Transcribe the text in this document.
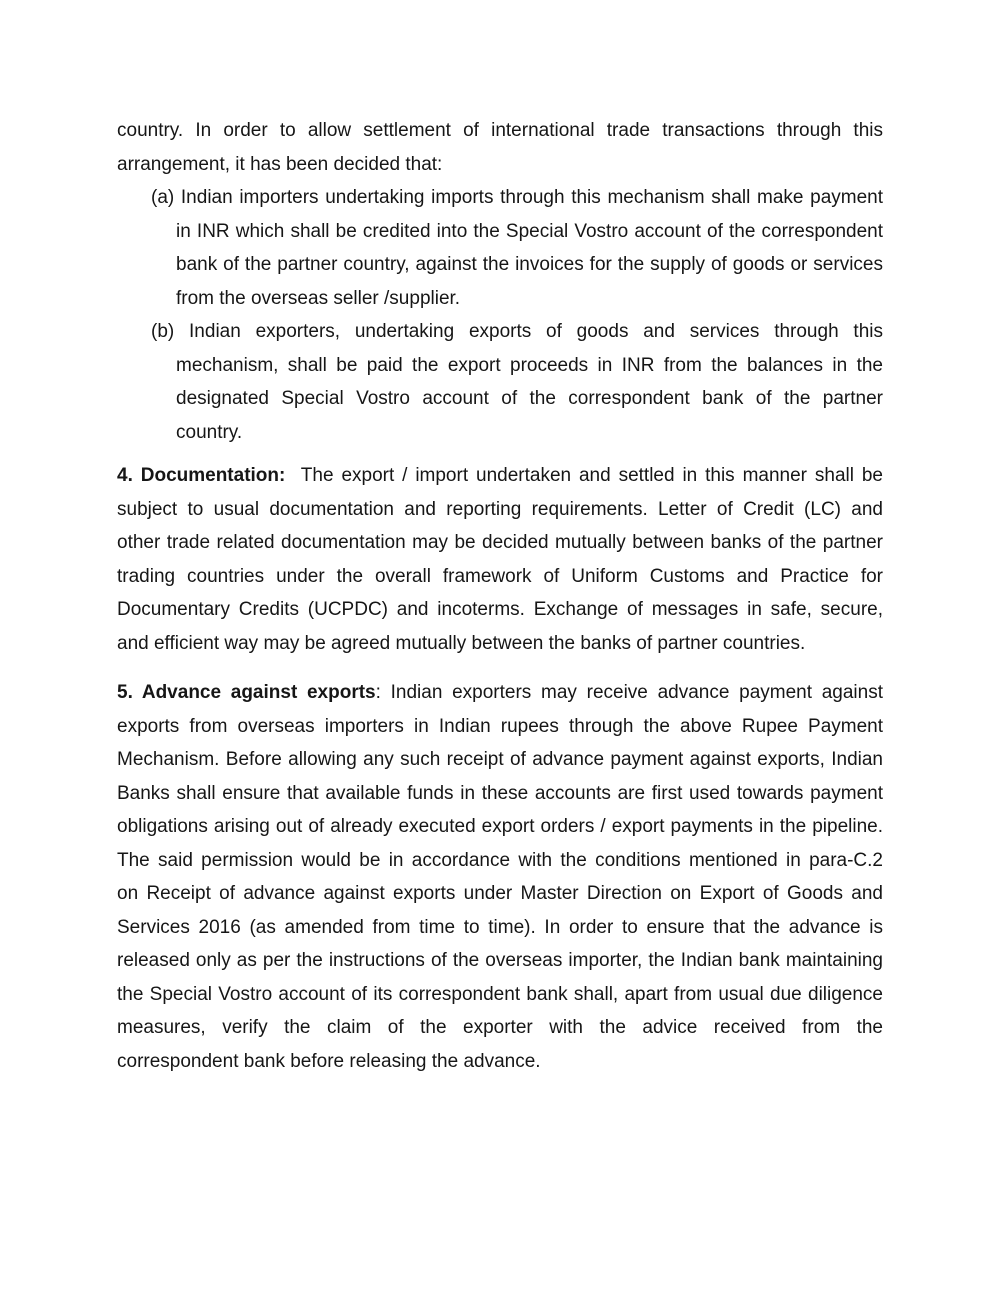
country. In order to allow settlement of international trade transactions through this
arrangement, it has been decided that:
(a) Indian importers undertaking imports through this mechanism shall make payment
in INR which shall be credited into the Special Vostro account of the correspondent
bank of the partner country, against the invoices for the supply of goods or services
from the overseas seller /supplier.
(b) Indian exporters, undertaking exports of goods and services through this
mechanism, shall be paid the export proceeds in INR from the balances in the
designated Special Vostro account of the correspondent bank of the partner
country.
4. Documentation:  The export / import undertaken and settled in this manner shall be
subject to usual documentation and reporting requirements. Letter of Credit (LC) and
other trade related documentation may be decided mutually between banks of the partner
trading countries under the overall framework of Uniform Customs and Practice for
Documentary Credits (UCPDC) and incoterms. Exchange of messages in safe, secure,
and efficient way may be agreed mutually between the banks of partner countries.
5. Advance against exports: Indian exporters may receive advance payment against
exports from overseas importers in Indian rupees through the above Rupee Payment
Mechanism. Before allowing any such receipt of advance payment against exports, Indian
Banks shall ensure that available funds in these accounts are first used towards payment
obligations arising out of already executed export orders / export payments in the pipeline.
The said permission would be in accordance with the conditions mentioned in para-C.2
on Receipt of advance against exports under Master Direction on Export of Goods and
Services 2016 (as amended from time to time). In order to ensure that the advance is
released only as per the instructions of the overseas importer, the Indian bank maintaining
the Special Vostro account of its correspondent bank shall, apart from usual due diligence
measures, verify the claim of the exporter with the advice received from the
correspondent bank before releasing the advance.
